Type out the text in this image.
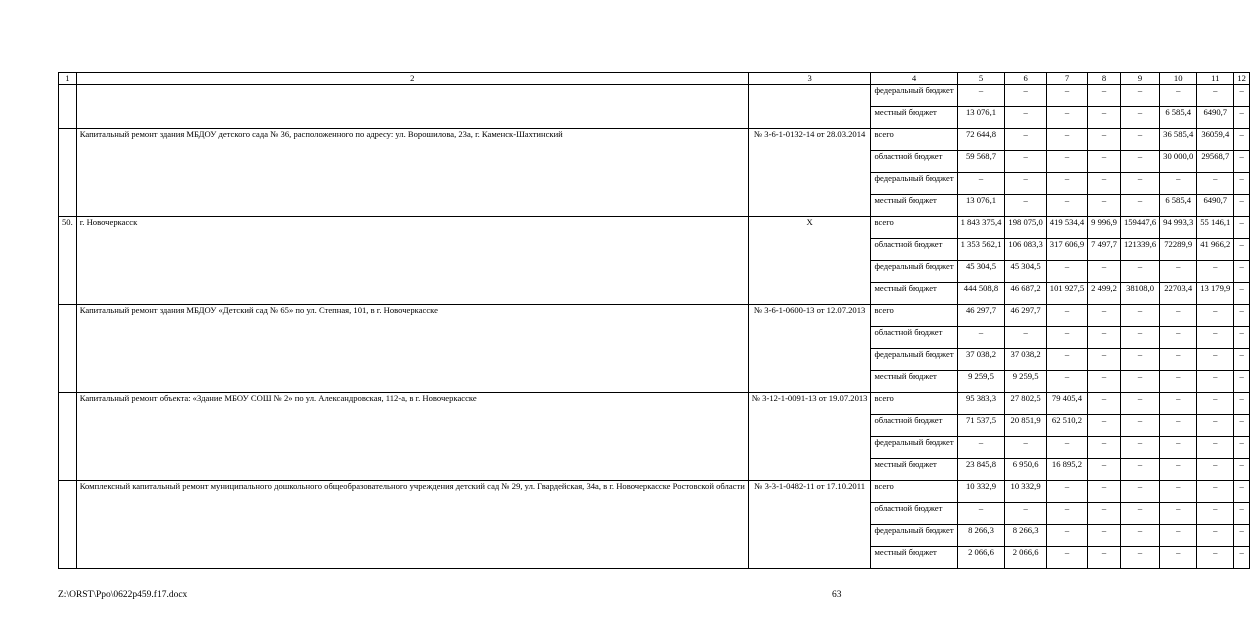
1	2	3	4	5	6	7	8	9	10	11	12
			федеральный бюджет	–	–	–	–	–	–	–	–
			местный бюджет	13 076,1	–	–	–	–	6 585,4	6490,7	–
	Капитальный ремонт здания МБДОУ детского сада № 36, расположенного по адресу: ул. Ворошилова, 23а, г. Каменск-Шахтинский	№ 3-6-1-0132-14 от 28.03.2014	всего	72 644,8	–	–	–	–	36 585,4	36059,4	–
			областной бюджет	59 568,7	–	–	–	–	30 000,0	29568,7	–
			федеральный бюджет	–	–	–	–	–	–	–	–
			местный бюджет	13 076,1	–	–	–	–	6 585,4	6490,7	–
50.	г. Новочеркасск	Х	всего	1 843 375,4	198 075,0	419 534,4	9 996,9	159447,6	94 993,3	55 146,1	–
			областной бюджет	1 353 562,1	106 083,3	317 606,9	7 497,7	121339,6	72289,9	41 966,2	–
			федеральный бюджет	45 304,5	45 304,5	–	–	–	–	–	–
			местный бюджет	444 508,8	46 687,2	101 927,5	2 499,2	38108,0	22703,4	13 179,9	–
	Капитальный ремонт здания МБДОУ «Детский сад № 65» по ул. Степная, 101, в г. Новочеркасске	№ 3-6-1-0600-13 от 12.07.2013	всего	46 297,7	46 297,7	–	–	–	–	–	–
			областной бюджет	–	–	–	–	–	–	–	–
			федеральный бюджет	37 038,2	37 038,2	–	–	–	–	–	–
			местный бюджет	9 259,5	9 259,5	–	–	–	–	–	–
	Капитальный ремонт объекта: «Здание МБОУ СОШ № 2» по ул. Александровская, 112-а, в г. Новочеркасске	№ 3-12-1-0091-13 от 19.07.2013	всего	95 383,3	27 802,5	79 405,4	–	–	–	–	–
			областной бюджет	71 537,5	20 851,9	62 510,2	–	–	–	–	–
			федеральный бюджет	–	–	–	–	–	–	–	–
			местный бюджет	23 845,8	6 950,6	16 895,2	–	–	–	–	–
	Комплексный капитальный ремонт муниципального дошкольного общеобразовательного учреждения детский сад № 29, ул. Гвардейская, 34а, в г. Новочеркасске Ростовской области	№ 3-3-1-0482-11 от 17.10.2011	всего	10 332,9	10 332,9	–	–	–	–	–	–
			областной бюджет	–	–	–	–	–	–	–	–
			федеральный бюджет	8 266,3	8 266,3	–	–	–	–	–	–
			местный бюджет	2 066,6	2 066,6	–	–	–	–	–	–
Z:\ORST\Ppo\0622p459.f17.docx	63
